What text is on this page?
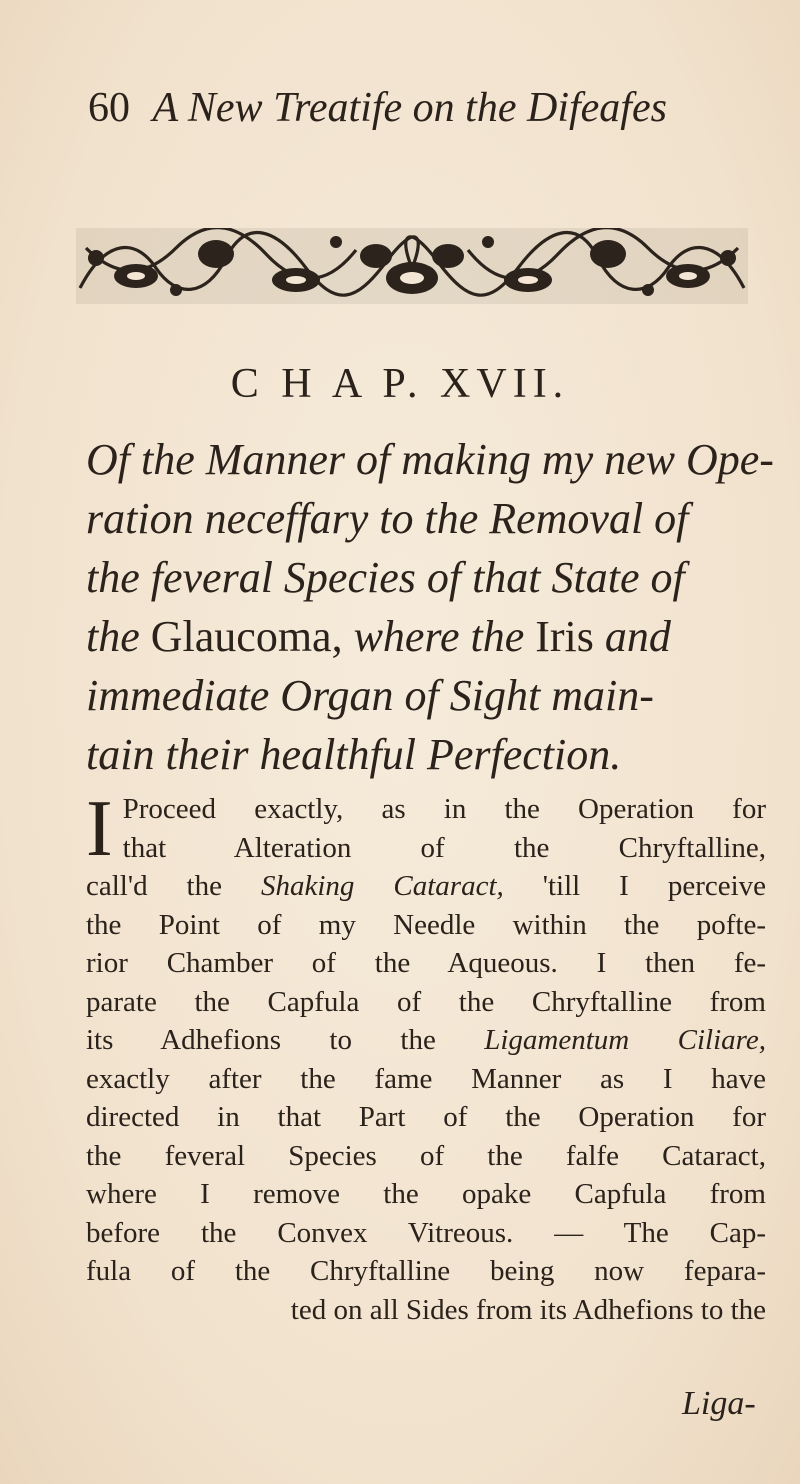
60 A New Treatife on the Difeafes
C H A P. XVII.
Of the Manner of making my new Ope-
ration neceffary to the Removal of
the feveral Species of that State of
the Glaucoma, where the Iris and
immediate Organ of Sight main-
tain their healthful Perfection.
I Proceed exactly, as in the Operation for
that Alteration of the Chryftalline,
call'd the Shaking Cataract, 'till I perceive
the Point of my Needle within the pofte-
rior Chamber of the Aqueous. I then fe-
parate the Capfula of the Chryftalline from
its Adhefions to the Ligamentum Ciliare,
exactly after the fame Manner as I have
directed in that Part of the Operation for
the feveral Species of the falfe Cataract,
where I remove the opake Capfula from
before the Convex Vitreous. — The Cap-
fula of the Chryftalline being now fepara-
ted on all Sides from its Adhefions to the
Liga-
